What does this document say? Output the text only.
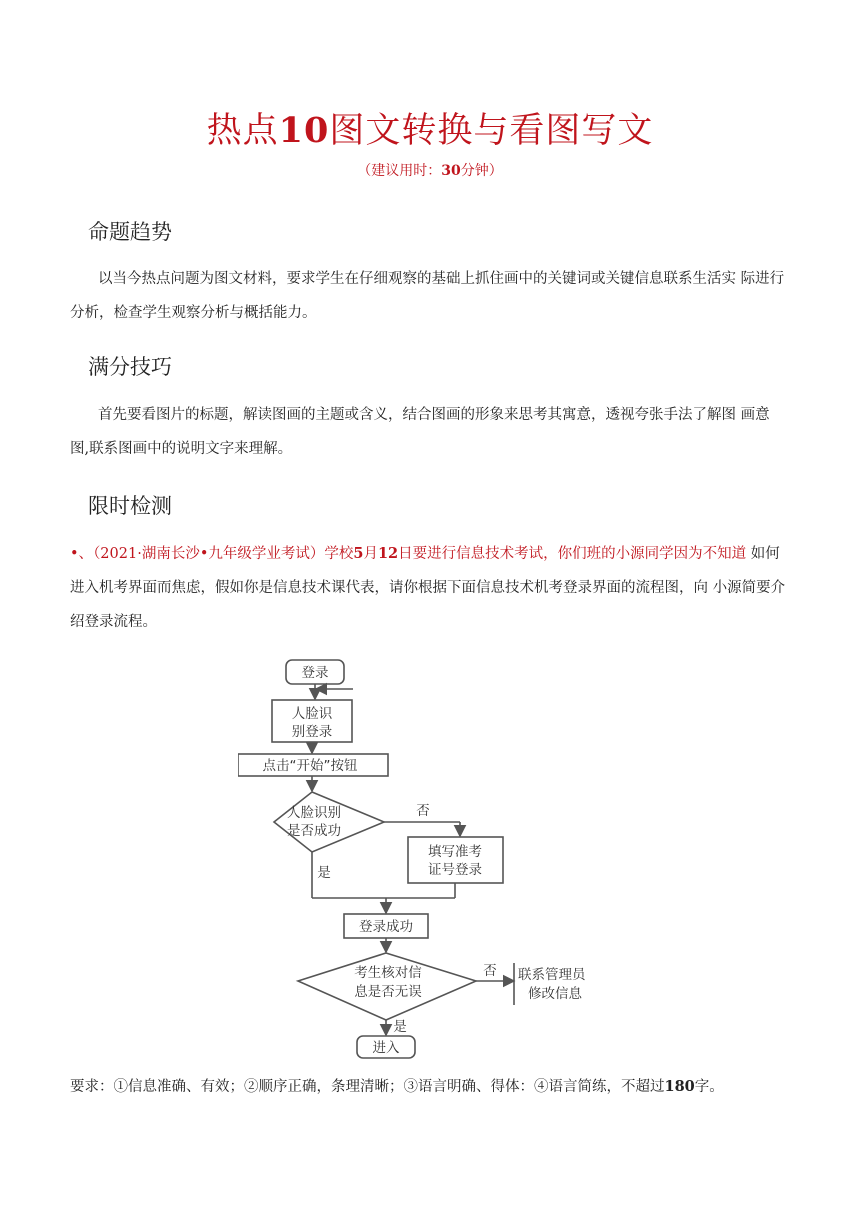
热点10图文转换与看图写文
（建议用时：30分钟）
命题趋势
以当今热点问题为图文材料，要求学生在仔细观察的基础上抓住画中的关键词或关键信息联系生活实 际进行分析，检查学生观察分析与概括能力。
满分技巧
首先要看图片的标题，解读图画的主题或含义，结合图画的形象来思考其寓意，透视夸张手法了解图 画意图,联系图画中的说明文字来理解。
限时检测
•、（2021·湖南长沙•九年级学业考试）学校5月12日要进行信息技术考试，你们班的小源同学因为不知道 如何进入机考界面而焦虑，假如你是信息技术课代表，请你根据下面信息技术机考登录界面的流程图，向 小源简要介绍登录流程。
登录
人脸识
别登录
点击“开始”按钮
人脸识别
是否成功
否
填写准考
证号登录
是
登录成功
考生核对信
息是否无误
否 联系管理员
修改信息
是
进入
要求：①信息准确、有效；②顺序正确，条理清晰；③语言明确、得体：④语言简练，不超过180字。
